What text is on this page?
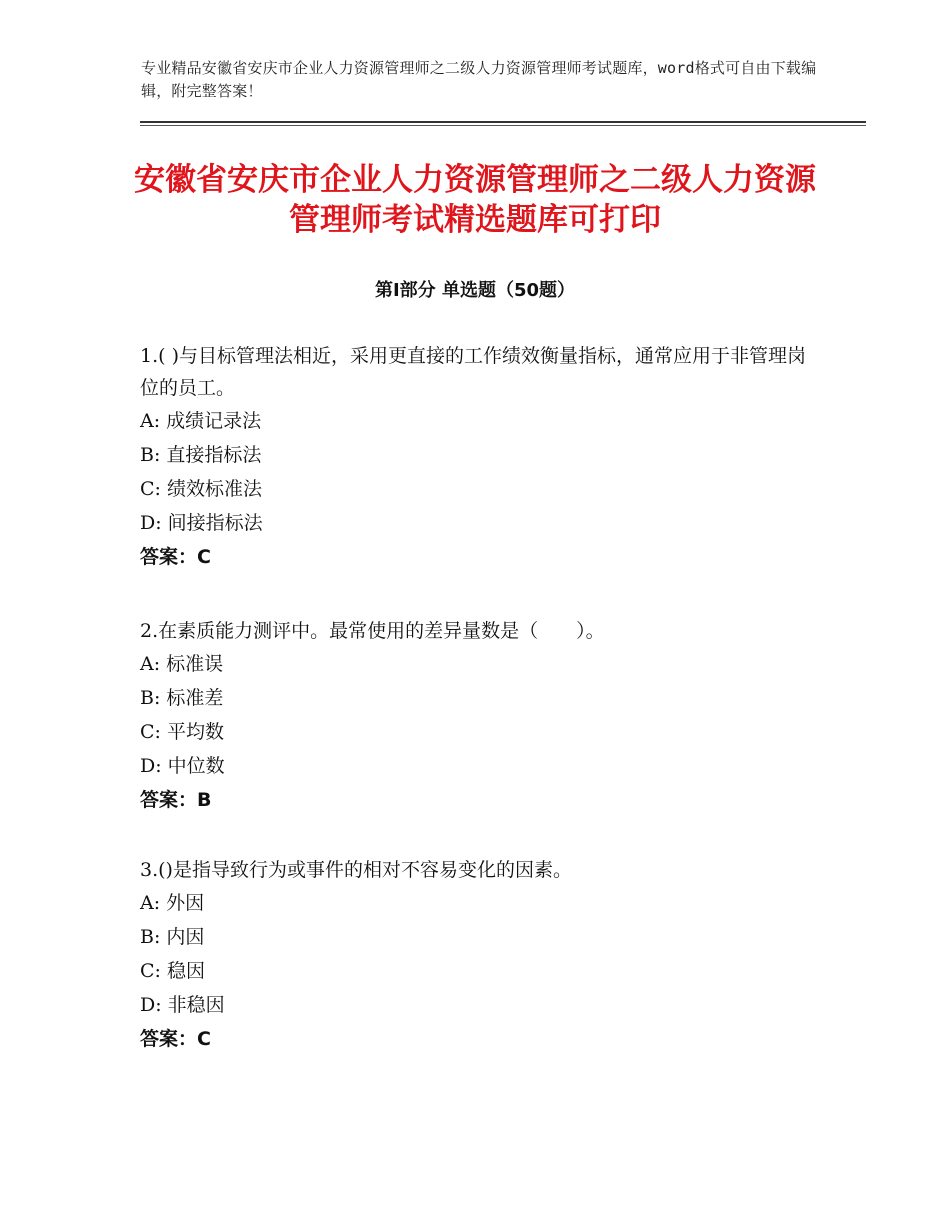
专业精品安徽省安庆市企业人力资源管理师之二级人力资源管理师考试题库，word格式可自由下载编辑，附完整答案！
安徽省安庆市企业人力资源管理师之二级人力资源管理师考试精选题库可打印
第Ⅰ部分 单选题（50题）

1.( )与目标管理法相近，采用更直接的工作绩效衡量指标，通常应用于非管理岗位的员工。

A: 成绩记录法

B: 直接指标法

C: 绩效标准法

D: 间接指标法

答案：C

2.在素质能力测评中。最常使用的差异量数是（　　）。

A: 标准误

B: 标准差

C: 平均数

D: 中位数

答案：B

3.()是指导致行为或事件的相对不容易变化的因素。

A: 外因

B: 内因

C: 稳因

D: 非稳因

答案：C
